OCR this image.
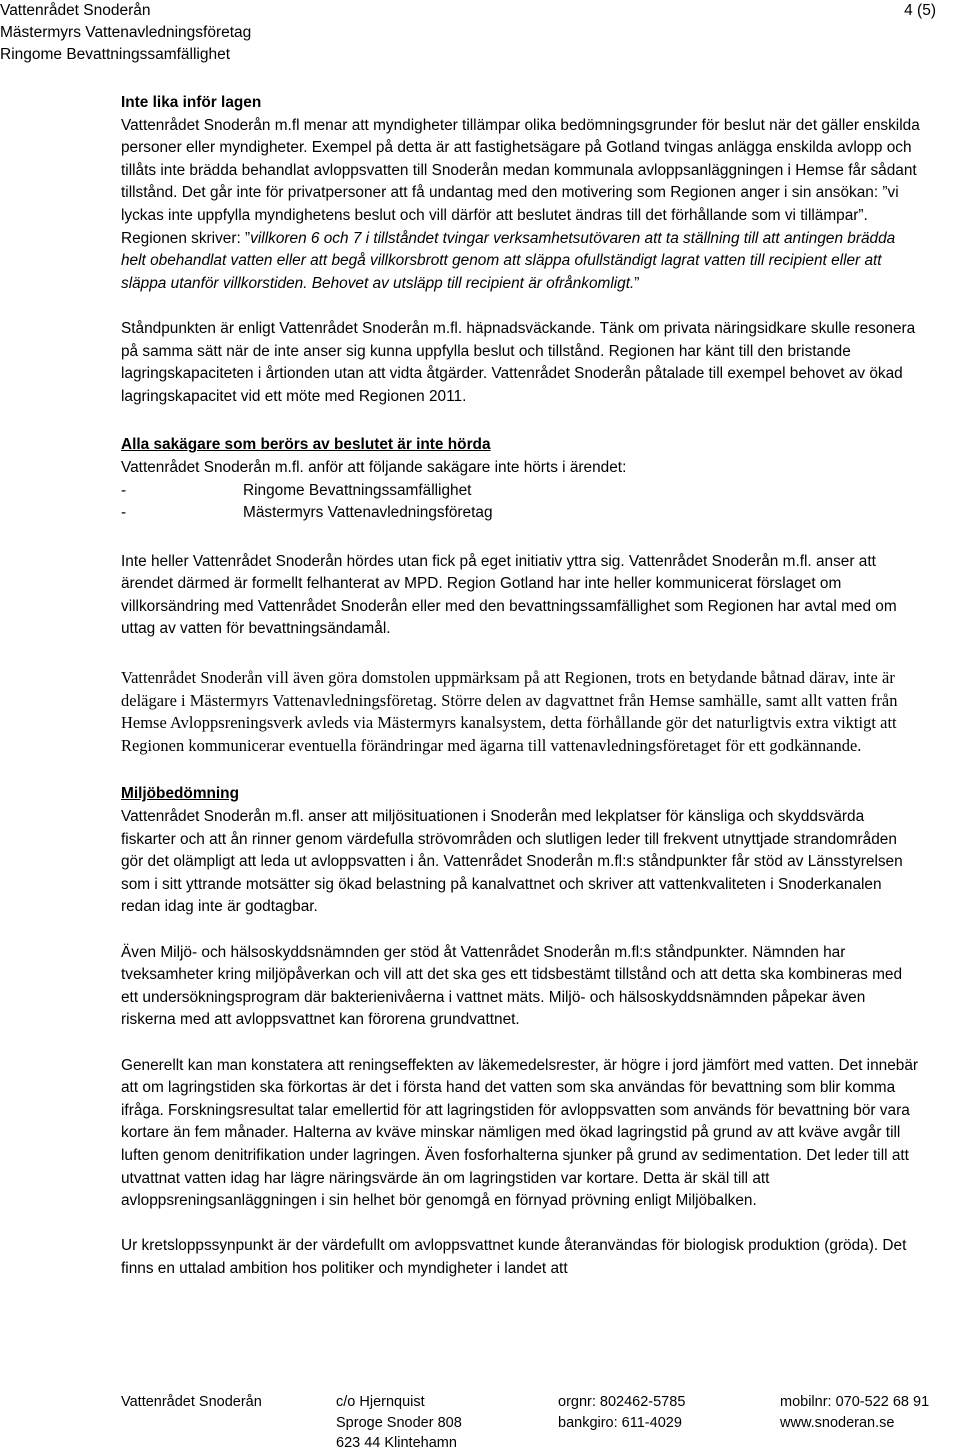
Vattenrådet Snoderån
Mästermyrs Vattenavledningsföretag
Ringome Bevattningssamfällighet
4 (5)

Inte lika inför lagen

Vattenrådet Snoderån m.fl menar att myndigheter tillämpar olika bedömningsgrunder för beslut när det gäller enskilda personer eller myndigheter. Exempel på detta är att fastighetsägare på Gotland tvingas anlägga enskilda avlopp och tillåts inte brädda behandlat avloppsvatten till Snoderån medan kommunala avloppsanläggningen i Hemse får sådant tillstånd. Det går inte för privatpersoner att få undantag med den motivering som Regionen anger i sin ansökan: ”vi lyckas inte uppfylla myndighetens beslut och vill därför att beslutet ändras till det förhållande som vi tillämpar”. Regionen skriver: ”villkoren 6 och 7 i tillståndet tvingar verksamhetsutövaren att ta ställning till att antingen brädda helt obehandlat vatten eller att begå villkorsbrott genom att släppa ofullständigt lagrat vatten till recipient eller att släppa utanför villkorstiden. Behovet av utsläpp till recipient är ofrånkomligt.”

Ståndpunkten är enligt Vattenrådet Snoderån m.fl. häpnadsväckande. Tänk om privata näringsidkare skulle resonera på samma sätt när de inte anser sig kunna uppfylla beslut och tillstånd. Regionen har känt till den bristande lagringskapaciteten i årtionden utan att vidta åtgärder. Vattenrådet Snoderån påtalade till exempel behovet av ökad lagringskapacitet vid ett möte med Regionen 2011.

Alla sakägare som berörs av beslutet är inte hörda

Vattenrådet Snoderån m.fl. anför att följande sakägare inte hörts i ärendet:

-	Ringome Bevattningssamfällighet
-	Mästermyrs Vattenavledningsföretag

Inte heller Vattenrådet Snoderån hördes utan fick på eget initiativ yttra sig. Vattenrådet Snoderån m.fl. anser att ärendet därmed är formellt felhanterat av MPD. Region Gotland har inte heller kommunicerat förslaget om villkorsändring med Vattenrådet Snoderån eller med den bevattningssamfällighet som Regionen har avtal med om uttag av vatten för bevattningsändamål.

Vattenrådet Snoderån vill även göra domstolen uppmärksam på att Regionen, trots en betydande båtnad därav, inte är delägare i Mästermyrs Vattenavledningsföretag. Större delen av dagvattnet från Hemse samhälle, samt allt vatten från Hemse Avloppsreningsverk avleds via Mästermyrs kanalsystem, detta förhållande gör det naturligtvis extra viktigt att Regionen kommunicerar eventuella förändringar med ägarna till vattenavledningsföretaget för ett godkännande.

Miljöbedömning

Vattenrådet Snoderån m.fl. anser att miljösituationen i Snoderån med lekplatser för känsliga och skyddsvärda fiskarter och att ån rinner genom värdefulla strövområden och slutligen leder till frekvent utnyttjade strandområden gör det olämpligt att leda ut avloppsvatten i ån. Vattenrådet Snoderån m.fl:s ståndpunkter får stöd av Länsstyrelsen som i sitt yttrande motsätter sig ökad belastning på kanalvattnet och skriver att vattenkvaliteten i Snoderkanalen redan idag inte är godtagbar.

Även Miljö- och hälsoskyddsnämnden ger stöd åt Vattenrådet Snoderån m.fl:s ståndpunkter. Nämnden har tveksamheter kring miljöpåverkan och vill att det ska ges ett tidsbestämt tillstånd och att detta ska kombineras med ett undersökningsprogram där bakterienivåerna i vattnet mäts. Miljö- och hälsoskyddsnämnden påpekar även riskerna med att avloppsvattnet kan förorena grundvattnet.

Generellt kan man konstatera att reningseffekten av läkemedelsrester, är högre i jord jämfört med vatten. Det innebär att om lagringstiden ska förkortas är det i första hand det vatten som ska användas för bevattning som blir komma ifråga. Forskningsresultat talar emellertid för att lagringstiden för avloppsvatten som används för bevattning bör vara kortare än fem månader. Halterna av kväve minskar nämligen med ökad lagringstid på grund av att kväve avgår till luften genom denitrifikation under lagringen. Även fosforhalterna sjunker på grund av sedimentation. Det leder till att utvattnat vatten idag har lägre näringsvärde än om lagringstiden var kortare. Detta är skäl till att avloppsreningsanläggningen i sin helhet bör genomgå en förnyad prövning enligt Miljöbalken.

Ur kretsloppssynpunkt är der värdefullt om avloppsvattnet kunde återanvändas för biologisk produktion (gröda). Det finns en uttalad ambition hos politiker och myndigheter i landet att

Vattenrådet Snoderån	c/o Hjernquist
Sproge Snoder 808
623 44 Klintehamn
orgnr: 802462-5785
bankgiro: 611-4029
mobilnr: 070-522 68 91
www.snoderan.se
